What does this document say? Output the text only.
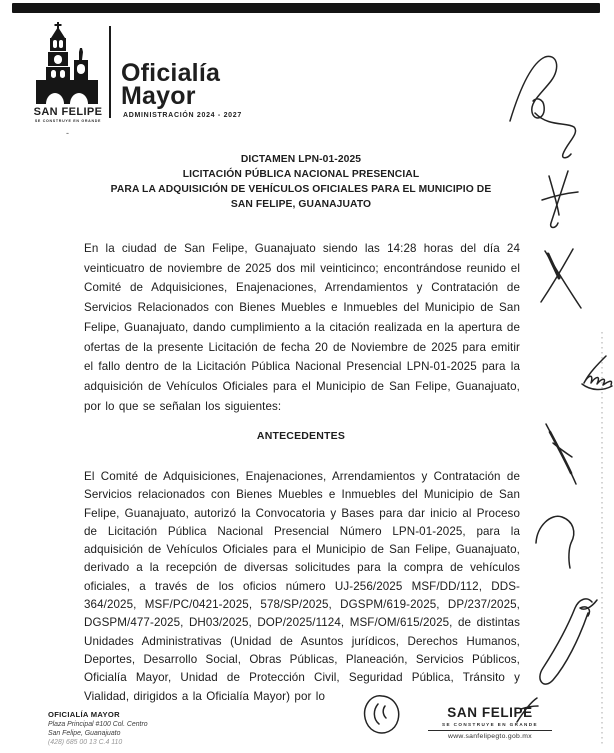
SAN FELIPE
SE CONSTRUYE EN GRANDE
Oficialía
Mayor
ADMINISTRACIÓN 2024 - 2027
-
DICTAMEN LPN-01-2025
LICITACIÓN PÚBLICA NACIONAL PRESENCIAL
PARA LA ADQUISICIÓN DE VEHÍCULOS OFICIALES PARA EL MUNICIPIO DE
SAN FELIPE, GUANAJUATO
En la ciudad de San Felipe, Guanajuato siendo las 14:28 horas del día 24 veinticuatro de noviembre de 2025 dos mil veinticinco; encontrándose reunido el Comité de Adquisiciones, Enajenaciones, Arrendamientos y Contratación de Servicios Relacionados con Bienes Muebles e Inmuebles del Municipio de San Felipe, Guanajuato, dando cumplimiento a la citación realizada en la apertura de ofertas de la presente Licitación de fecha 20 de Noviembre de 2025 para emitir el fallo dentro de la Licitación Pública Nacional Presencial LPN-01-2025 para la adquisición de Vehículos Oficiales para el Municipio de San Felipe, Guanajuato, por lo que se señalan los siguientes:
ANTECEDENTES
El Comité de Adquisiciones, Enajenaciones, Arrendamientos y Contratación de Servicios relacionados con Bienes Muebles e Inmuebles del Municipio de San Felipe, Guanajuato, autorizó la Convocatoria y Bases para dar inicio al Proceso de Licitación Pública Nacional Presencial Número LPN-01-2025, para la adquisición de Vehículos Oficiales para el Municipio de San Felipe, Guanajuato, derivado a la recepción de diversas solicitudes para la compra de vehículos oficiales, a través de los oficios número UJ-256/2025 MSF/DD/112, DDS-364/2025, MSF/PC/0421-2025, 578/SP/2025, DGSPM/619-2025, DP/237/2025, DGSPM/477-2025, DH03/2025, DOP/2025/1124, MSF/OM/615/2025, de distintas Unidades Administrativas (Unidad de Asuntos jurídicos, Derechos Humanos, Deportes, Desarrollo Social, Obras Públicas, Planeación, Servicios Públicos, Oficialía Mayor, Unidad de Protección Civil, Seguridad Pública, Tránsito y Vialidad, dirigidos a la Oficialía Mayor) por lo
OFICIALÍA MAYOR
Plaza Principal #100 Col. Centro
San Felipe, Guanajuato
(428) 685 00 13 C.4 110
SAN FELIPE
SE CONSTRUYE EN GRANDE
www.sanfelipegto.gob.mx
